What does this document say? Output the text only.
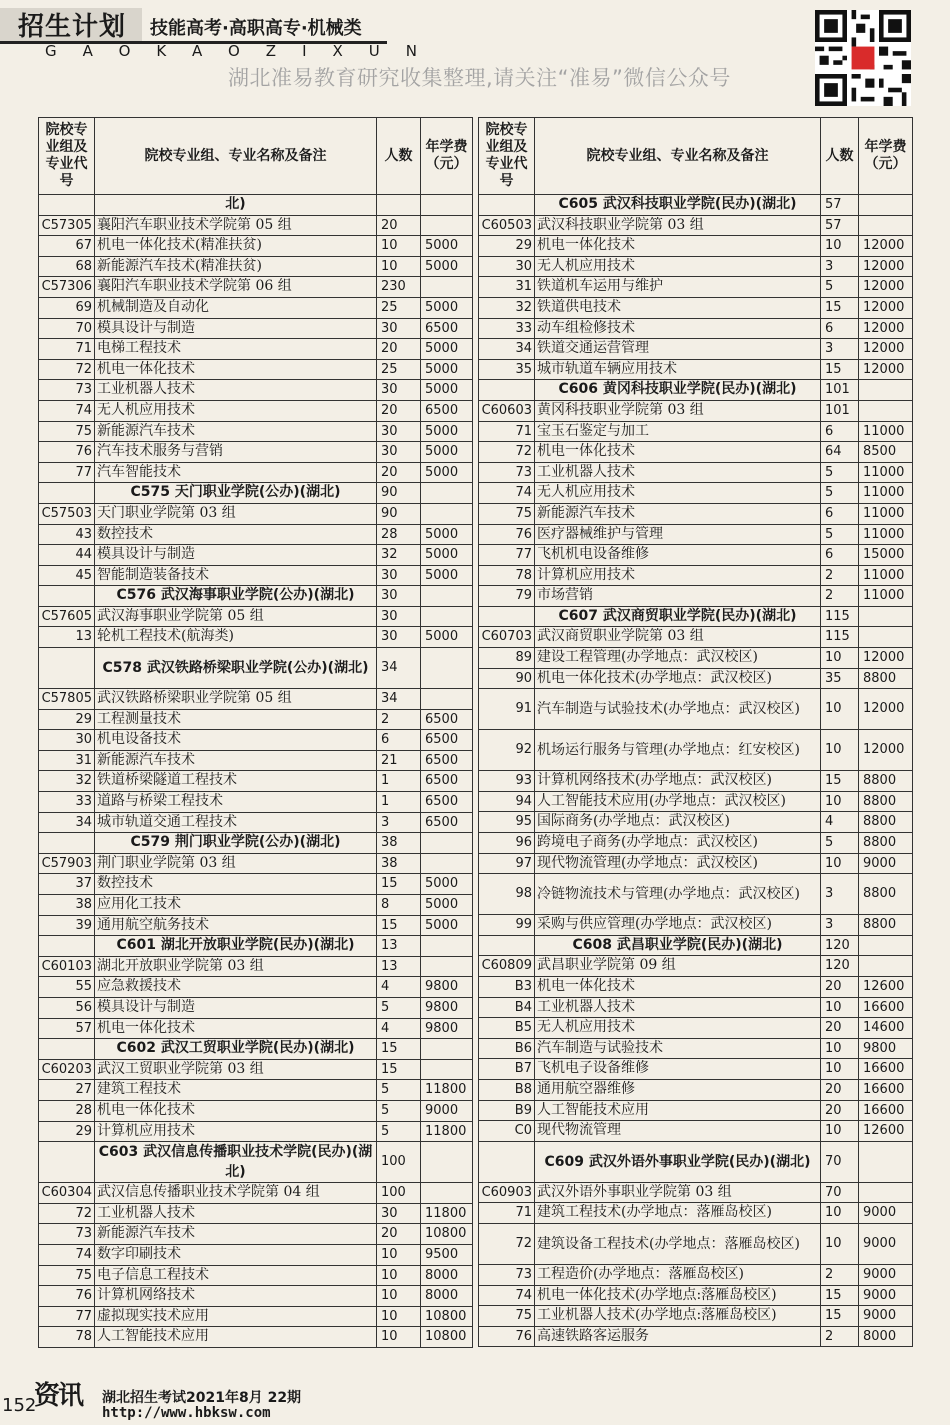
招生计划	技能高考·高职高专·机械类
GAOKAOZIXUN
湖北准易教育研究收集整理,请关注“准易”微信公众号
院校专业组及专业代号	院校专业组、专业名称及备注	人数	年学费（元）
	北)		
C57305	襄阳汽车职业技术学院第 05 组	20	
67	机电一体化技术(精准扶贫)	10	5000
68	新能源汽车技术(精准扶贫)	10	5000
C57306	襄阳汽车职业技术学院第 06 组	230	
69	机械制造及自动化	25	5000
70	模具设计与制造	30	6500
71	电梯工程技术	20	5000
72	机电一体化技术	25	5000
73	工业机器人技术	30	5000
74	无人机应用技术	20	6500
75	新能源汽车技术	30	5000
76	汽车技术服务与营销	30	5000
77	汽车智能技术	20	5000
	C575 天门职业学院(公办)(湖北)	90	
C57503	天门职业学院第 03 组	90	
43	数控技术	28	5000
44	模具设计与制造	32	5000
45	智能制造装备技术	30	5000
	C576 武汉海事职业学院(公办)(湖北)	30	
C57605	武汉海事职业学院第 05 组	30	
13	轮机工程技术(航海类)	30	5000
	C578 武汉铁路桥梁职业学院(公办)(湖北)	34	
C57805	武汉铁路桥梁职业学院第 05 组	34	
29	工程测量技术	2	6500
30	机电设备技术	6	6500
31	新能源汽车技术	21	6500
32	铁道桥梁隧道工程技术	1	6500
33	道路与桥梁工程技术	1	6500
34	城市轨道交通工程技术	3	6500
	C579 荆门职业学院(公办)(湖北)	38	
C57903	荆门职业学院第 03 组	38	
37	数控技术	15	5000
38	应用化工技术	8	5000
39	通用航空航务技术	15	5000
	C601 湖北开放职业学院(民办)(湖北)	13	
C60103	湖北开放职业学院第 03 组	13	
55	应急救援技术	4	9800
56	模具设计与制造	5	9800
57	机电一体化技术	4	9800
	C602 武汉工贸职业学院(民办)(湖北)	15	
C60203	武汉工贸职业学院第 03 组	15	
27	建筑工程技术	5	11800
28	机电一体化技术	5	9000
29	计算机应用技术	5	11800
	C603 武汉信息传播职业技术学院(民办)(湖北)	100	
C60304	武汉信息传播职业技术学院第 04 组	100	
72	工业机器人技术	30	11800
73	新能源汽车技术	20	10800
74	数字印刷技术	10	9500
75	电子信息工程技术	10	8000
76	计算机网络技术	10	8000
77	虚拟现实技术应用	10	10800
78	人工智能技术应用	10	10800
院校专业组及专业代号	院校专业组、专业名称及备注	人数	年学费（元）
	C605 武汉科技职业学院(民办)(湖北)	57	
C60503	武汉科技职业学院第 03 组	57	
29	机电一体化技术	10	12000
30	无人机应用技术	3	12000
31	铁道机车运用与维护	5	12000
32	铁道供电技术	15	12000
33	动车组检修技术	6	12000
34	铁道交通运营管理	3	12000
35	城市轨道车辆应用技术	15	12000
	C606 黄冈科技职业学院(民办)(湖北)	101	
C60603	黄冈科技职业学院第 03 组	101	
71	宝玉石鉴定与加工	6	11000
72	机电一体化技术	64	8500
73	工业机器人技术	5	11000
74	无人机应用技术	5	11000
75	新能源汽车技术	6	11000
76	医疗器械维护与管理	5	11000
77	飞机机电设备维修	6	15000
78	计算机应用技术	2	11000
79	市场营销	2	11000
	C607 武汉商贸职业学院(民办)(湖北)	115	
C60703	武汉商贸职业学院第 03 组	115	
89	建设工程管理(办学地点：武汉校区)	10	12000
90	机电一体化技术(办学地点：武汉校区)	35	8800
91	汽车制造与试验技术(办学地点：武汉校区)	10	12000
92	机场运行服务与管理(办学地点：红安校区)	10	12000
93	计算机网络技术(办学地点：武汉校区)	15	8800
94	人工智能技术应用(办学地点：武汉校区)	10	8800
95	国际商务(办学地点：武汉校区)	4	8800
96	跨境电子商务(办学地点：武汉校区)	5	8800
97	现代物流管理(办学地点：武汉校区)	10	9000
98	冷链物流技术与管理(办学地点：武汉校区)	3	8800
99	采购与供应管理(办学地点：武汉校区)	3	8800
	C608 武昌职业学院(民办)(湖北)	120	
C60809	武昌职业学院第 09 组	120	
B3	机电一体化技术	20	12600
B4	工业机器人技术	10	16600
B5	无人机应用技术	20	14600
B6	汽车制造与试验技术	10	9800
B7	飞机电子设备维修	10	16600
B8	通用航空器维修	20	16600
B9	人工智能技术应用	20	16600
C0	现代物流管理	10	12600
	C609 武汉外语外事职业学院(民办)(湖北)	70	
C60903	武汉外语外事职业学院第 03 组	70	
71	建筑工程技术(办学地点：落雁岛校区)	10	9000
72	建筑设备工程技术(办学地点：落雁岛校区)	10	9000
73	工程造价(办学地点：落雁岛校区)	2	9000
74	机电一体化技术(办学地点:落雁岛校区)	15	9000
75	工业机器人技术(办学地点:落雁岛校区)	15	9000
76	高速铁路客运服务	2	8000
152
资讯 湖北招生考试2021年8月 22期
http://www.hbksw.com
